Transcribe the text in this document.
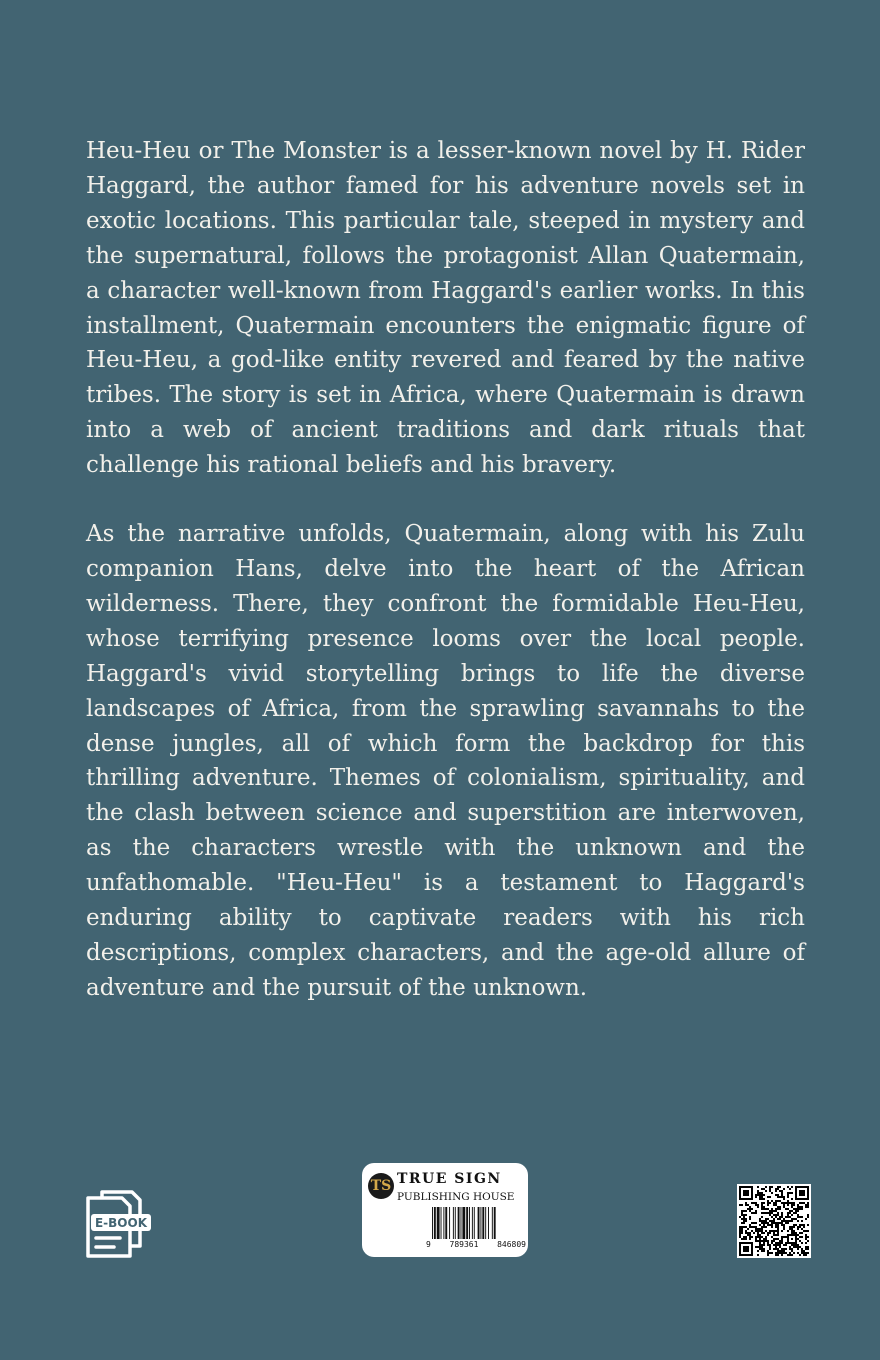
Heu-Heu or The Monster is a lesser-known novel by H. Rider Haggard, the author famed for his adventure novels set in exotic locations. This particular tale, steeped in mystery and the supernatural, follows the protagonist Allan Quatermain, a character well-known from Haggard's earlier works. In this installment, Quatermain encounters the enigmatic figure of Heu-Heu, a god-like entity revered and feared by the native tribes. The story is set in Africa, where Quatermain is drawn into a web of ancient traditions and dark rituals that challenge his rational beliefs and his bravery.

As the narrative unfolds, Quatermain, along with his Zulu companion Hans, delve into the heart of the African wilderness. There, they confront the formidable Heu-Heu, whose terrifying presence looms over the local people. Haggard's vivid storytelling brings to life the diverse landscapes of Africa, from the sprawling savannahs to the dense jungles, all of which form the backdrop for this thrilling adventure. Themes of colonialism, spirituality, and the clash between science and superstition are interwoven, as the characters wrestle with the unknown and the unfathomable. "Heu-Heu" is a testament to Haggard's enduring ability to captivate readers with his rich descriptions, complex characters, and the age-old allure of adventure and the pursuit of the unknown.

E-BOOK
TS TRUE SIGN
PUBLISHING HOUSE
9 789361 846809
